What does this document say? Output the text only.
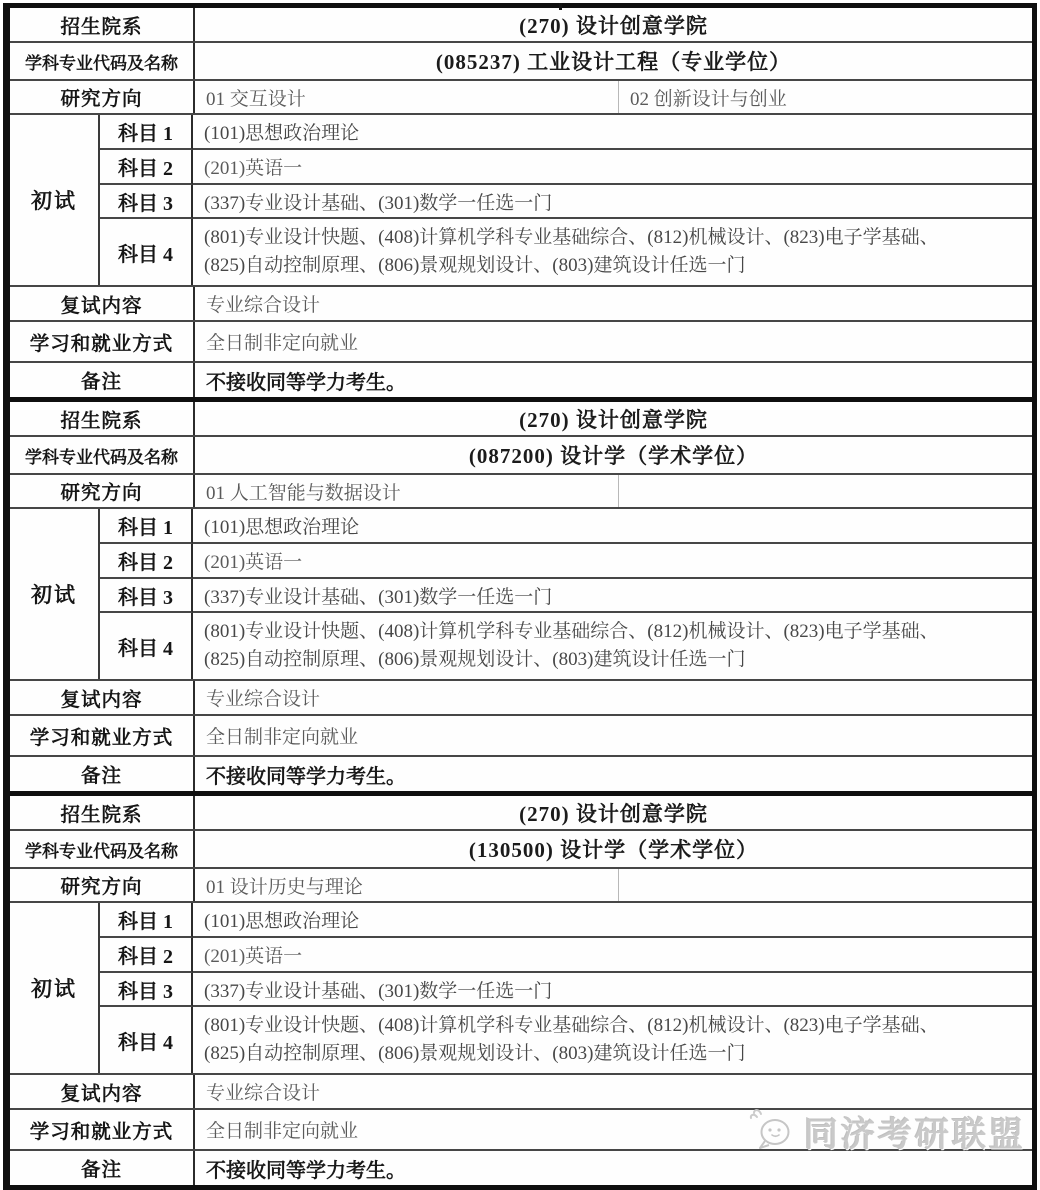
招生院系	(270) 设计创意学院
学科专业代码及名称	(085237) 工业设计工程（专业学位）
研究方向	01 交互设计	02 创新设计与创业
初试
科目 1	(101)思想政治理论
科目 2	(201)英语一
科目 3	(337)专业设计基础、(301)数学一任选一门
科目 4
(801)专业设计快题、(408)计算机学科专业基础综合、(812)机械设计、(823)电子学基础、
(825)自动控制原理、(806)景观规划设计、(803)建筑设计任选一门
复试内容	专业综合设计
学习和就业方式	全日制非定向就业
备注	不接收同等学力考生。
招生院系	(270) 设计创意学院
学科专业代码及名称	(087200) 设计学（学术学位）
研究方向	01 人工智能与数据设计
初试
科目 1	(101)思想政治理论
科目 2	(201)英语一
科目 3	(337)专业设计基础、(301)数学一任选一门
科目 4
(801)专业设计快题、(408)计算机学科专业基础综合、(812)机械设计、(823)电子学基础、
(825)自动控制原理、(806)景观规划设计、(803)建筑设计任选一门
复试内容	专业综合设计
学习和就业方式	全日制非定向就业
备注	不接收同等学力考生。
招生院系	(270) 设计创意学院
学科专业代码及名称	(130500) 设计学（学术学位）
研究方向	01 设计历史与理论
初试
科目 1	(101)思想政治理论
科目 2	(201)英语一
科目 3	(337)专业设计基础、(301)数学一任选一门
科目 4
(801)专业设计快题、(408)计算机学科专业基础综合、(812)机械设计、(823)电子学基础、
(825)自动控制原理、(806)景观规划设计、(803)建筑设计任选一门
复试内容	专业综合设计
学习和就业方式	全日制非定向就业
备注	不接收同等学力考生。
同济考研联盟
